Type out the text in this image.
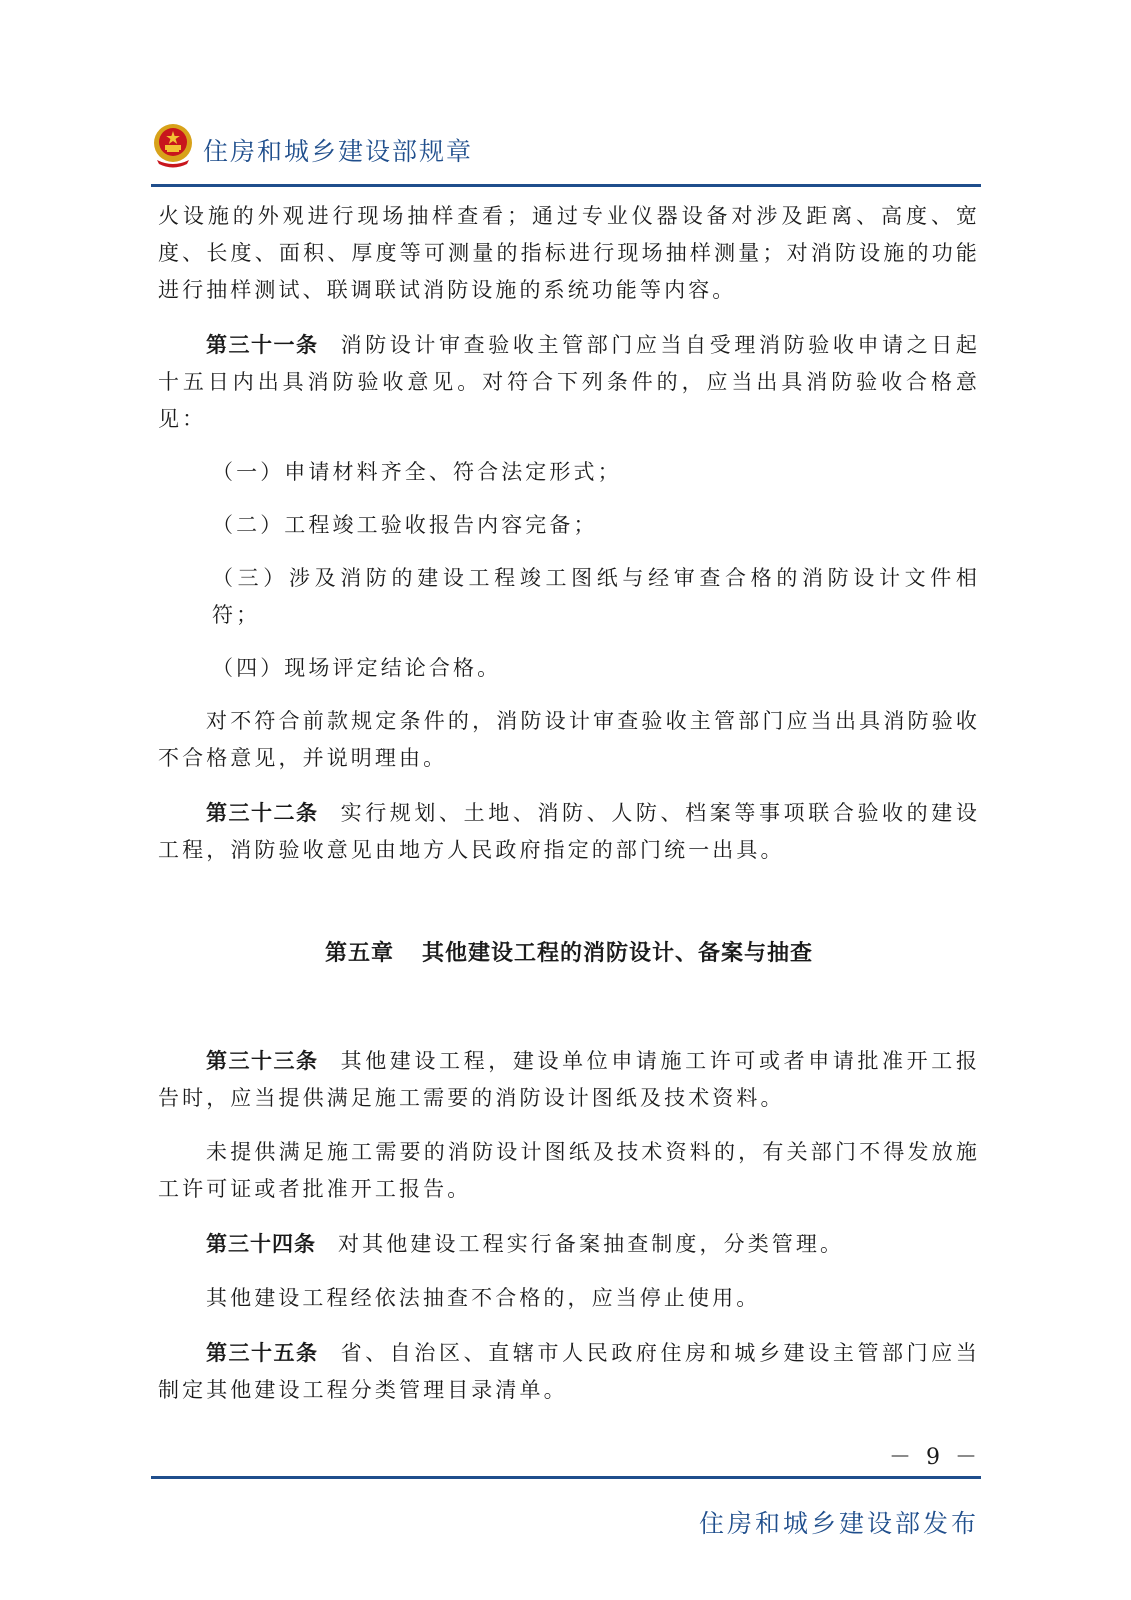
住房和城乡建设部规章

火设施的外观进行现场抽样查看；通过专业仪器设备对涉及距离、高度、宽度、长度、面积、厚度等可测量的指标进行现场抽样测量；对消防设施的功能进行抽样测试、联调联试消防设施的系统功能等内容。

第三十一条 消防设计审查验收主管部门应当自受理消防验收申请之日起十五日内出具消防验收意见。对符合下列条件的，应当出具消防验收合格意见：

（一）申请材料齐全、符合法定形式；

（二）工程竣工验收报告内容完备；

（三）涉及消防的建设工程竣工图纸与经审查合格的消防设计文件相符；

（四）现场评定结论合格。

对不符合前款规定条件的，消防设计审查验收主管部门应当出具消防验收不合格意见，并说明理由。

第三十二条 实行规划、土地、消防、人防、档案等事项联合验收的建设工程，消防验收意见由地方人民政府指定的部门统一出具。

第五章 其他建设工程的消防设计、备案与抽查

第三十三条 其他建设工程，建设单位申请施工许可或者申请批准开工报告时，应当提供满足施工需要的消防设计图纸及技术资料。

未提供满足施工需要的消防设计图纸及技术资料的，有关部门不得发放施工许可证或者批准开工报告。

第三十四条 对其他建设工程实行备案抽查制度，分类管理。

其他建设工程经依法抽查不合格的，应当停止使用。

第三十五条 省、自治区、直辖市人民政府住房和城乡建设主管部门应当制定其他建设工程分类管理目录清单。

－ 9 －
住房和城乡建设部发布
